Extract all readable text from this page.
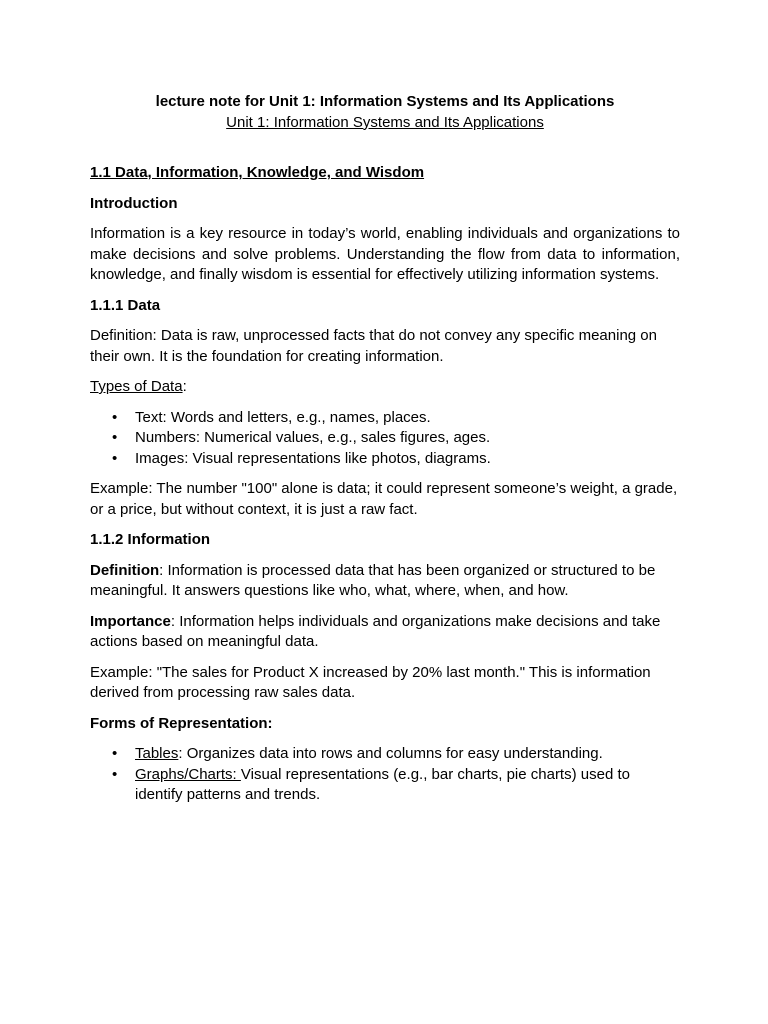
lecture note for Unit 1: Information Systems and Its Applications

Unit 1: Information Systems and Its Applications

1.1 Data, Information, Knowledge, and Wisdom

Introduction

Information is a key resource in today’s world, enabling individuals and organizations to make decisions and solve problems. Understanding the flow from data to information, knowledge, and finally wisdom is essential for effectively utilizing information systems.

1.1.1 Data

Definition: Data is raw, unprocessed facts that do not convey any specific meaning on their own. It is the foundation for creating information.

Types of Data:

• Text: Words and letters, e.g., names, places.
• Numbers: Numerical values, e.g., sales figures, ages.
• Images: Visual representations like photos, diagrams.

Example: The number "100" alone is data; it could represent someone’s weight, a grade, or a price, but without context, it is just a raw fact.

1.1.2 Information

Definition: Information is processed data that has been organized or structured to be meaningful. It answers questions like who, what, where, when, and how.

Importance: Information helps individuals and organizations make decisions and take actions based on meaningful data.

Example: "The sales for Product X increased by 20% last month." This is information derived from processing raw sales data.

Forms of Representation:

• Tables: Organizes data into rows and columns for easy understanding.
• Graphs/Charts: Visual representations (e.g., bar charts, pie charts) used to identify patterns and trends.
